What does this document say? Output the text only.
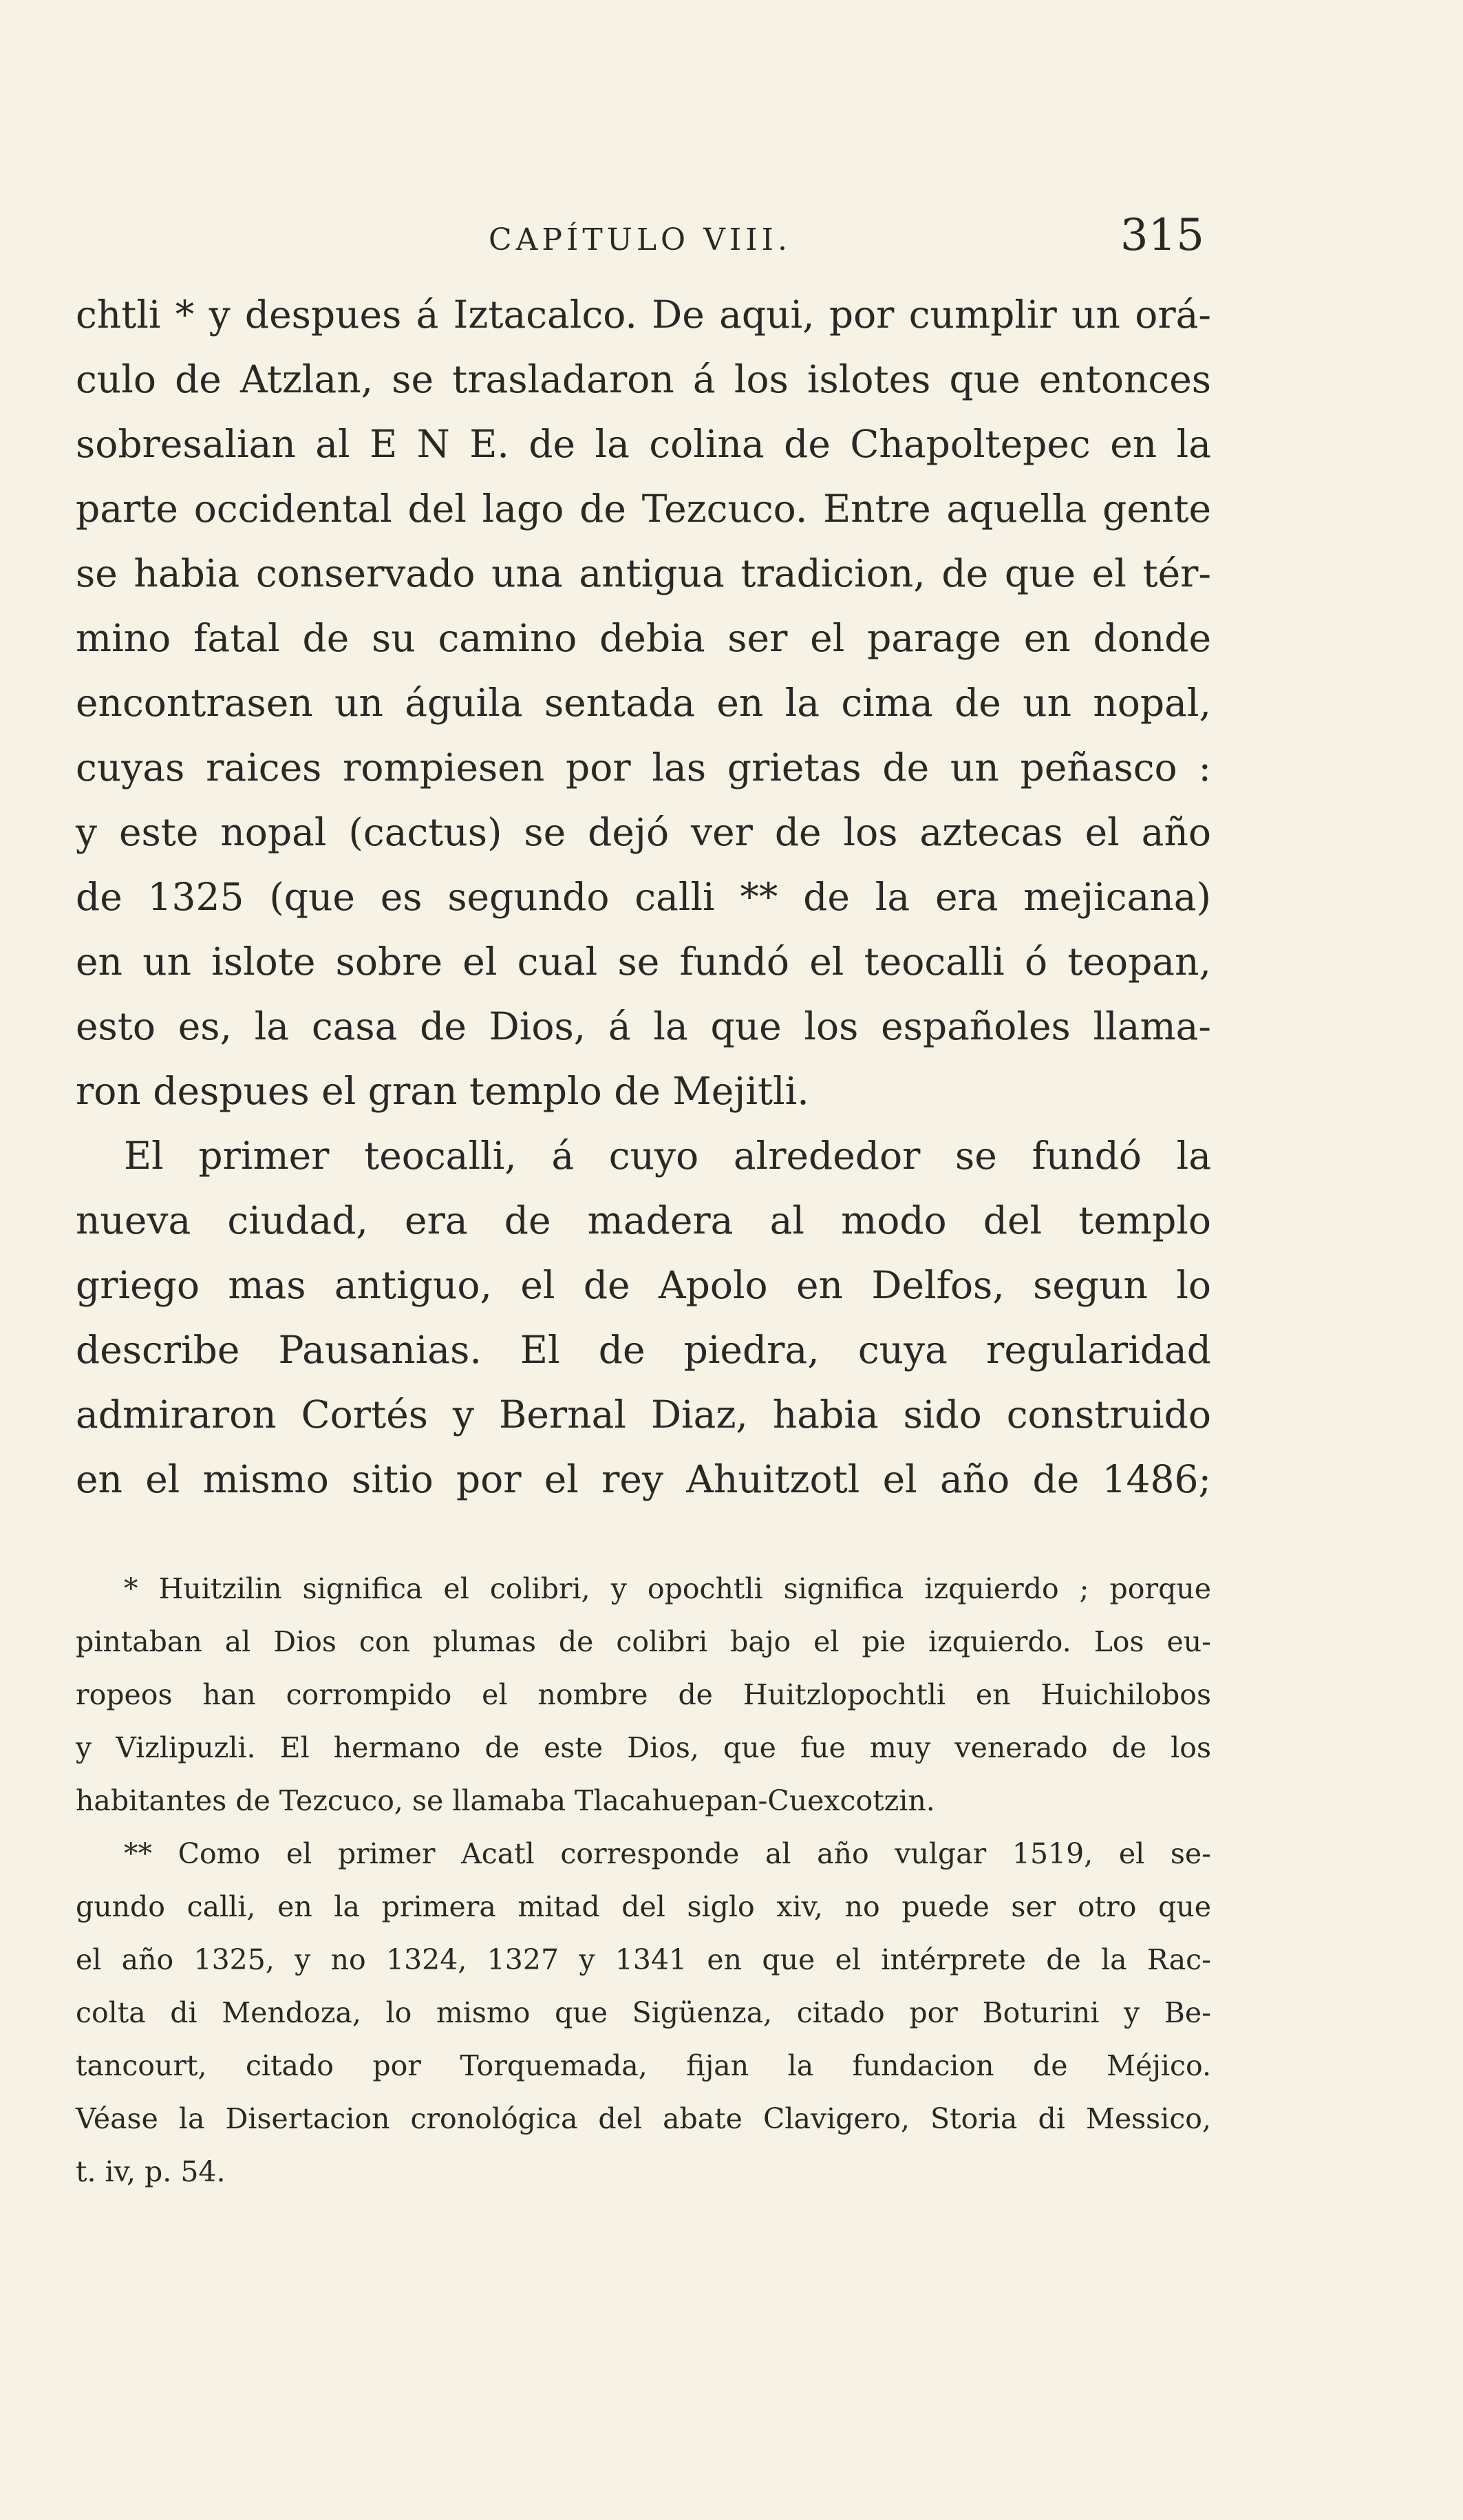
CAPÍTULO VIII.	315
chtli * y despues á Iztacalco. De aqui, por cumplir un orá-
culo de Atzlan, se trasladaron á los islotes que entonces
sobresalian al E N E. de la colina de Chapoltepec en la
parte occidental del lago de Tezcuco. Entre aquella gente
se habia conservado una antigua tradicion, de que el tér-
mino fatal de su camino debia ser el parage en donde
encontrasen un águila sentada en la cima de un nopal,
cuyas raices rompiesen por las grietas de un peñasco :
y este nopal (cactus) se dejó ver de los aztecas el año
de 1325 (que es segundo calli ** de la era mejicana)
en un islote sobre el cual se fundó el teocalli ó teopan,
esto es, la casa de Dios, á la que los españoles llama-
ron despues el gran templo de Mejitli.
El primer teocalli, á cuyo alrededor se fundó la
nueva ciudad, era de madera al modo del templo
griego mas antiguo, el de Apolo en Delfos, segun lo
describe Pausanias. El de piedra, cuya regularidad
admiraron Cortés y Bernal Diaz, habia sido construido
en el mismo sitio por el rey Ahuitzotl el año de 1486;
* Huitzilin significa el colibri, y opochtli significa izquierdo ; porque
pintaban al Dios con plumas de colibri bajo el pie izquierdo. Los eu-
ropeos han corrompido el nombre de Huitzlopochtli en Huichilobos
y Vizlipuzli. El hermano de este Dios, que fue muy venerado de los
habitantes de Tezcuco, se llamaba Tlacahuepan-Cuexcotzin.
** Como el primer Acatl corresponde al año vulgar 1519, el se-
gundo calli, en la primera mitad del siglo xiv, no puede ser otro que
el año 1325, y no 1324, 1327 y 1341 en que el intérprete de la Rac-
colta di Mendoza, lo mismo que Sigüenza, citado por Boturini y Be-
tancourt, citado por Torquemada, fijan la fundacion de Méjico.
Véase la Disertacion cronológica del abate Clavigero, Storia di Messico,
t. iv, p. 54.
